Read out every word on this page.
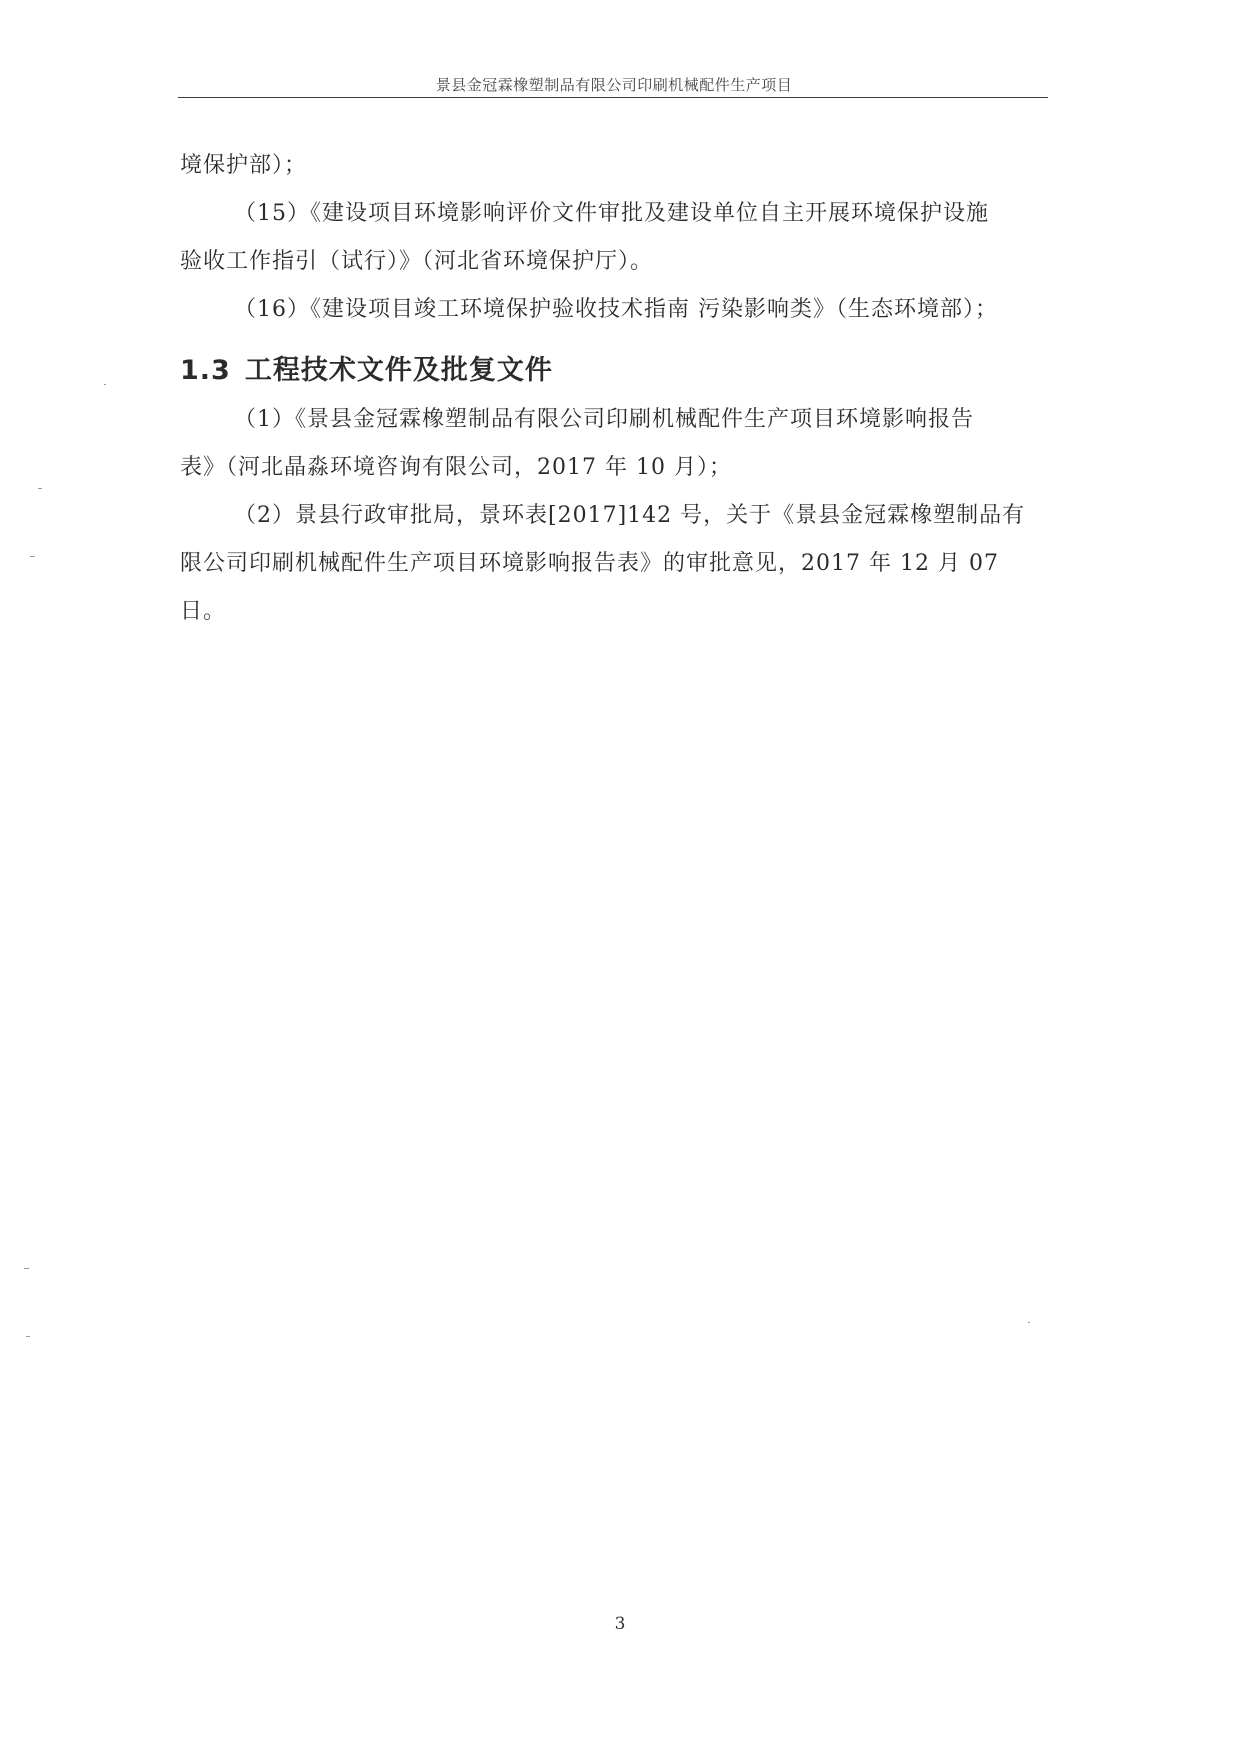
景县金冠霖橡塑制品有限公司印刷机械配件生产项目

境保护部）；

（15）《建设项目环境影响评价文件审批及建设单位自主开展环境保护设施

验收工作指引（试行）》（河北省环境保护厅）。

（16）《建设项目竣工环境保护验收技术指南 污染影响类》（生态环境部）；

1.3 工程技术文件及批复文件

（1）《景县金冠霖橡塑制品有限公司印刷机械配件生产项目环境影响报告

表》（河北晶淼环境咨询有限公司，2017 年 10 月）；

（2）景县行政审批局，景环表[2017]142 号，关于《景县金冠霖橡塑制品有

限公司印刷机械配件生产项目环境影响报告表》的审批意见，2017 年 12 月 07

日。

3
